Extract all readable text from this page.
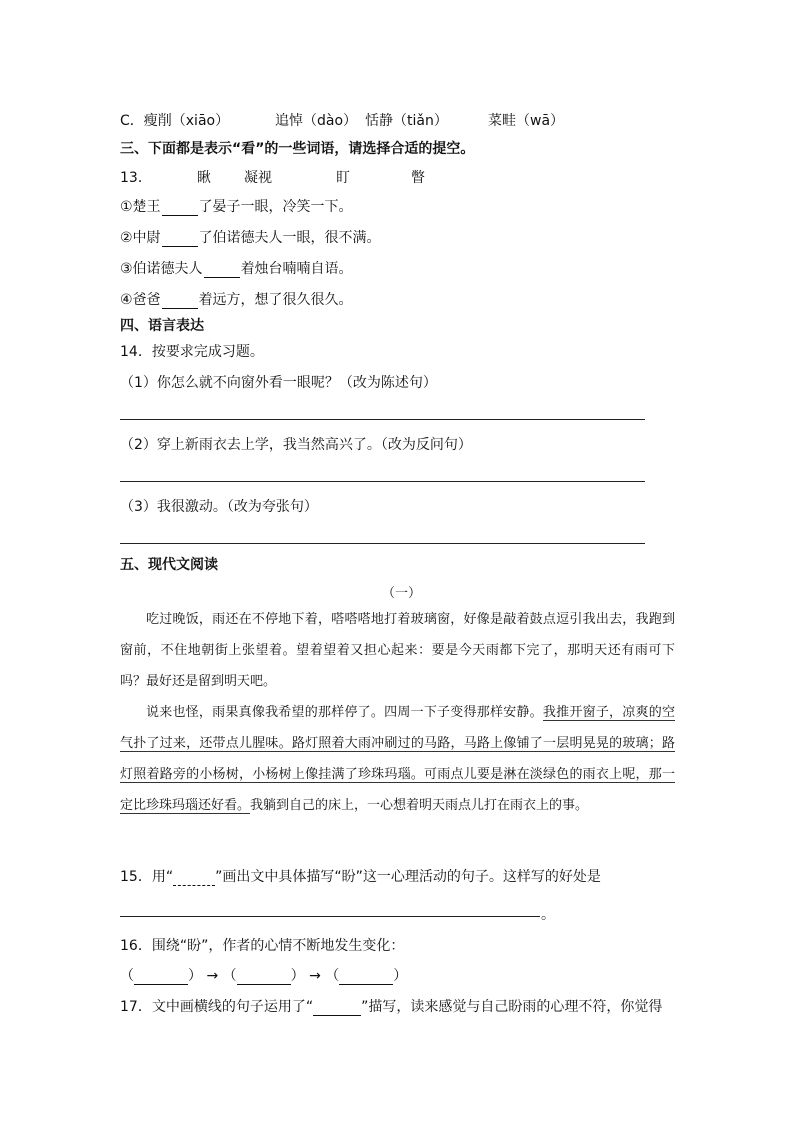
C．瘦削（xiāo）	追悼（dào） 恬静（tiǎn）	菜畦（wā）
三、下面都是表示“看”的一些词语，请选择合适的提空。
13．	瞅 凝视	盯	瞥
①楚王	了晏子一眼，冷笑一下。
②中尉	了伯诺德夫人一眼，很不满。
③伯诺德夫人	着烛台喃喃自语。
④爸爸	着远方，想了很久很久。
四、语言表达
14．按要求完成习题。
（1）你怎么就不向窗外看一眼呢？（改为陈述句）
（2）穿上新雨衣去上学，我当然高兴了。（改为反问句）
（3）我很激动。（改为夸张句）
五、现代文阅读
（一）

吃过晚饭，雨还在不停地下着，嗒嗒嗒地打着玻璃窗，好像是敲着鼓点逗引我出去，我跑到窗前，不住地朝街上张望着。望着望着又担心起来：要是今天雨都下完了，那明天还有雨可下吗？最好还是留到明天吧。

说来也怪，雨果真像我希望的那样停了。四周一下子变得那样安静。我推开窗子，凉爽的空气扑了过来，还带点儿腥味。路灯照着大雨冲刷过的马路，马路上像铺了一层明晃晃的玻璃；路灯照着路旁的小杨树，小杨树上像挂满了珍珠玛瑙。可雨点儿要是淋在淡绿色的雨衣上呢，那一定比珍珠玛瑙还好看。我躺到自己的床上，一心想着明天雨点儿打在雨衣上的事。

15．用“	”画出文中具体描写“盼”这一心理活动的句子。这样写的好处是
。
16．围绕“盼”，作者的心情不断地发生变化：
（	） → （	） → （	）
17．文中画横线的句子运用了“	”描写，读来感觉与自己盼雨的心理不符，你觉得
